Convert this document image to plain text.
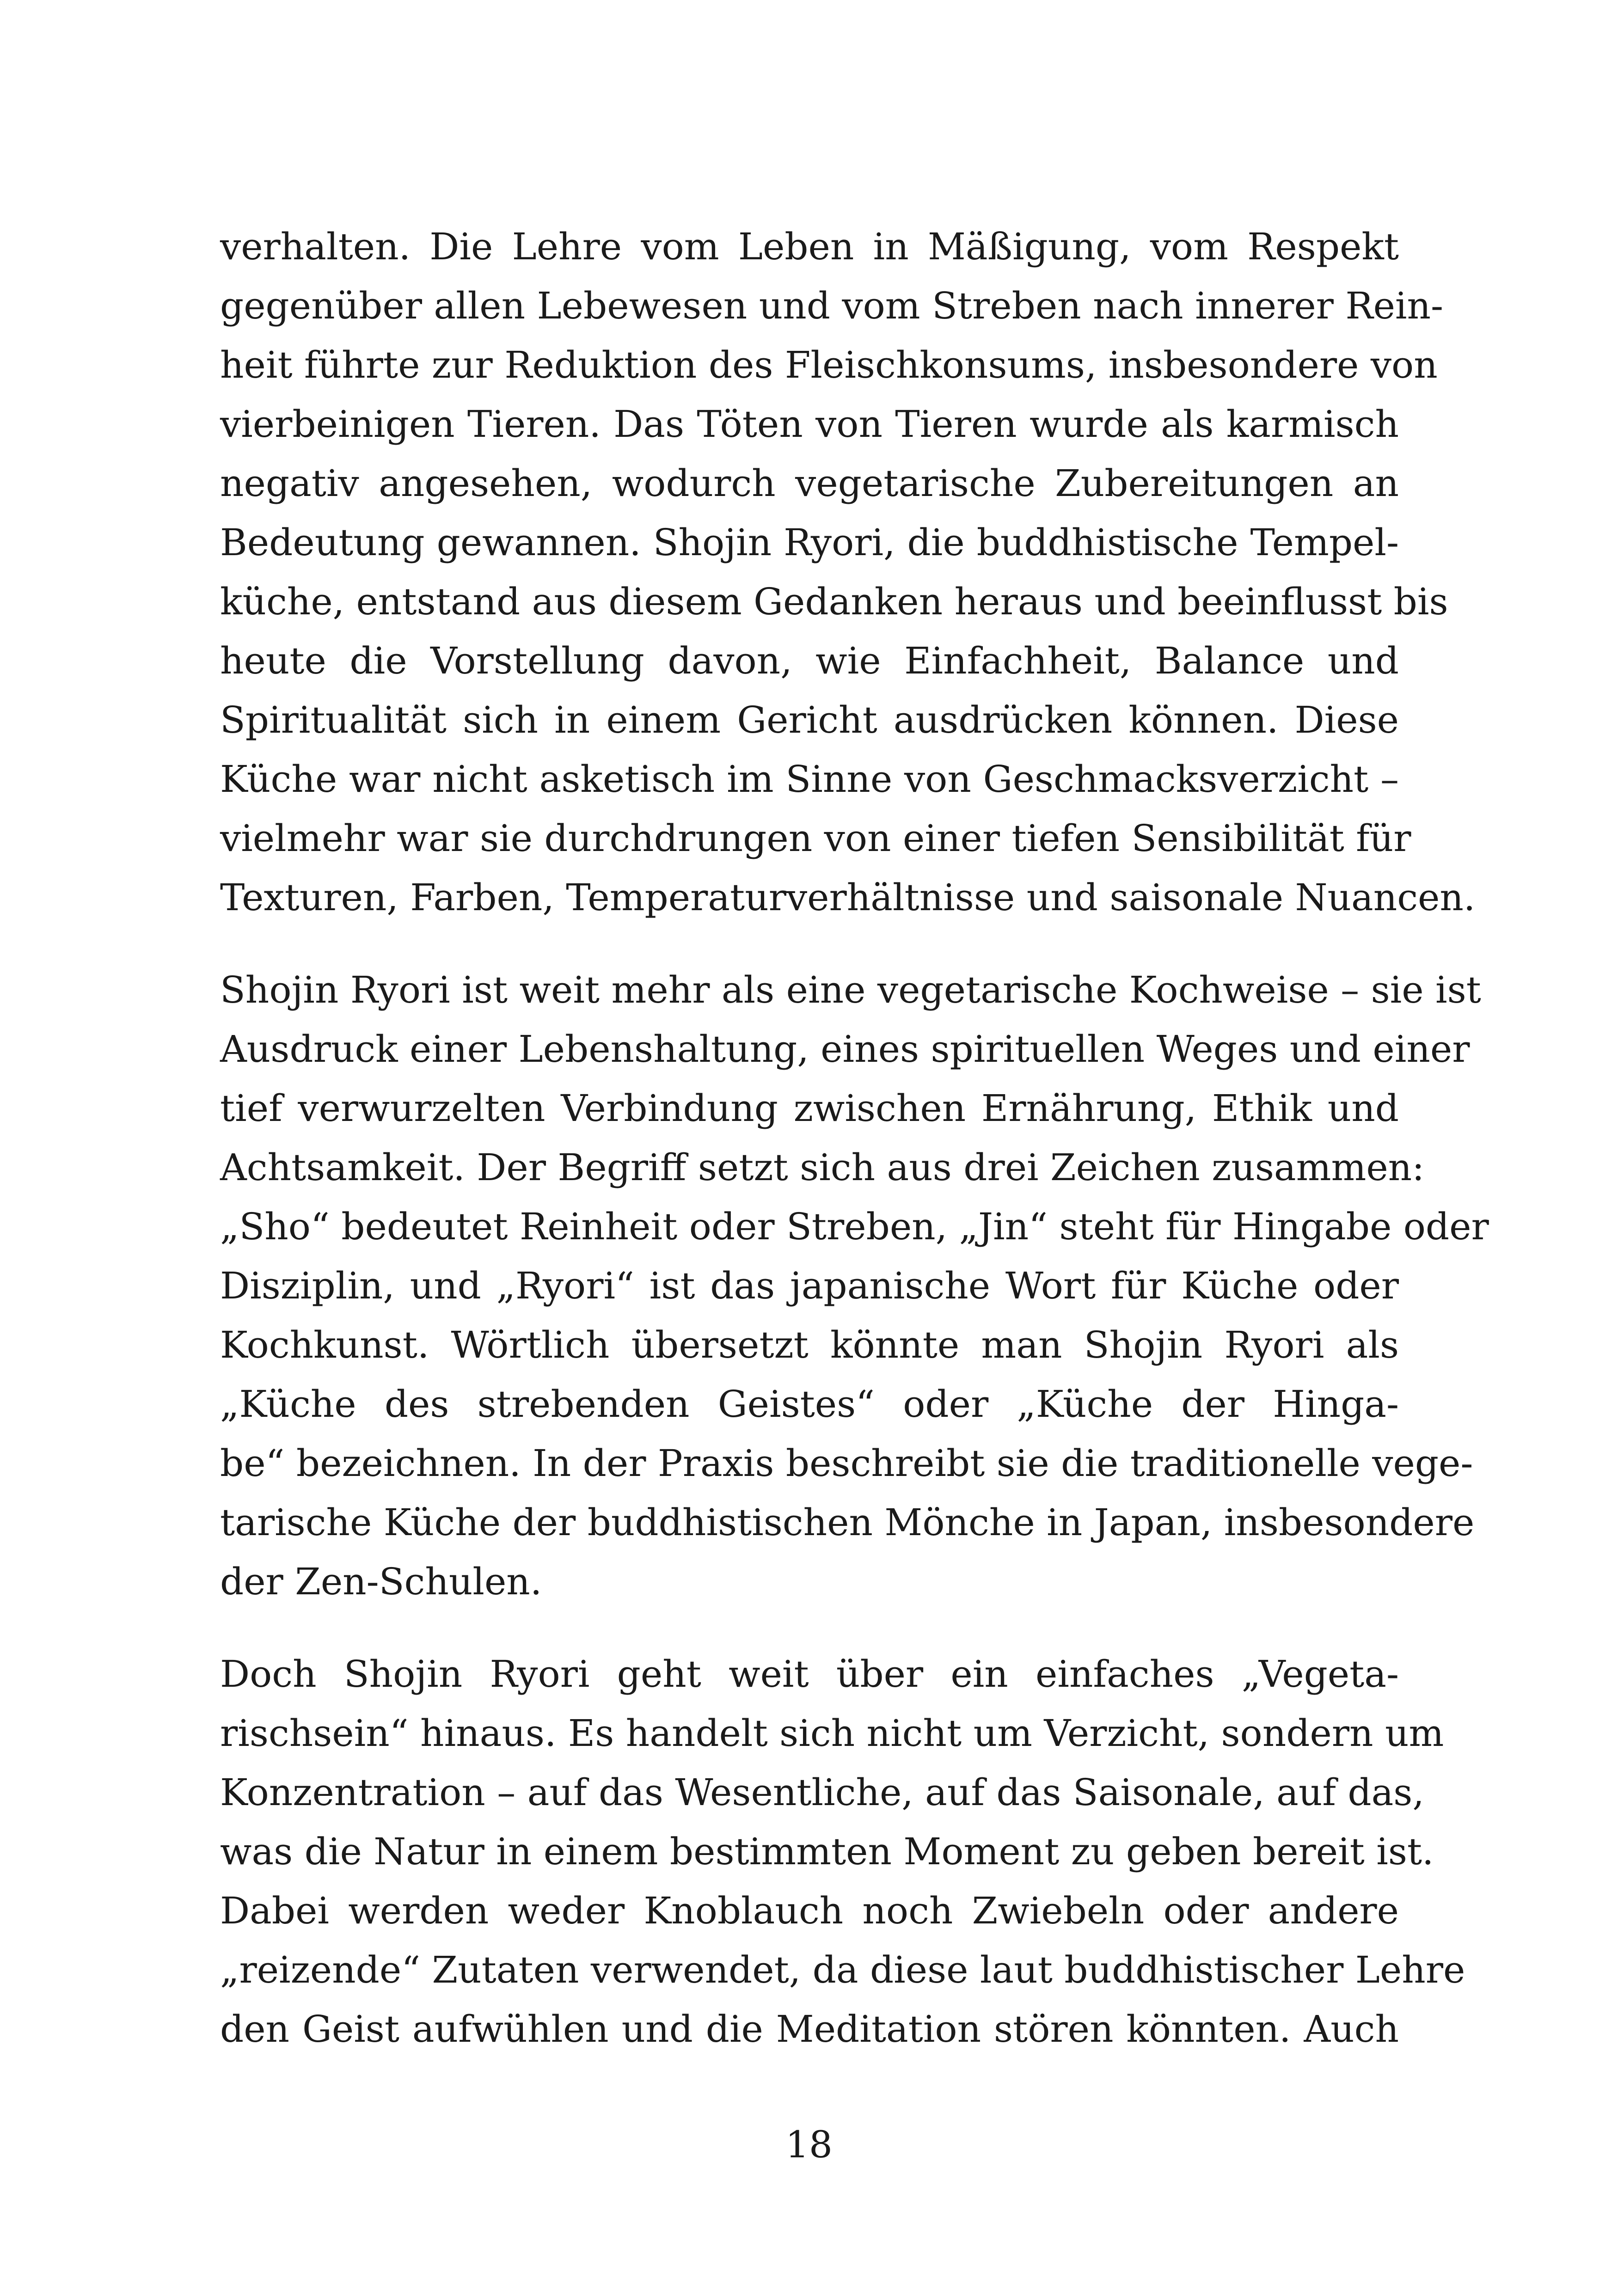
verhalten. Die Lehre vom Leben in Mäßigung, vom Respekt
gegenüber allen Lebewesen und vom Streben nach innerer Rein-
heit führte zur Reduktion des Fleischkonsums, insbesondere von
vierbeinigen Tieren. Das Töten von Tieren wurde als karmisch
negativ angesehen, wodurch vegetarische Zubereitungen an
Bedeutung gewannen. Shojin Ryori, die buddhistische Tempel-
küche, entstand aus diesem Gedanken heraus und beeinflusst bis
heute die Vorstellung davon, wie Einfachheit, Balance und
Spiritualität sich in einem Gericht ausdrücken können. Diese
Küche war nicht asketisch im Sinne von Geschmacksverzicht –
vielmehr war sie durchdrungen von einer tiefen Sensibilität für
Texturen, Farben, Temperaturverhältnisse und saisonale Nuancen.
Shojin Ryori ist weit mehr als eine vegetarische Kochweise – sie ist
Ausdruck einer Lebenshaltung, eines spirituellen Weges und einer
tief verwurzelten Verbindung zwischen Ernährung, Ethik und
Achtsamkeit. Der Begriff setzt sich aus drei Zeichen zusammen:
„Sho“ bedeutet Reinheit oder Streben, „Jin“ steht für Hingabe oder
Disziplin, und „Ryori“ ist das japanische Wort für Küche oder
Kochkunst. Wörtlich übersetzt könnte man Shojin Ryori als
„Küche des strebenden Geistes“ oder „Küche der Hinga-
be“ bezeichnen. In der Praxis beschreibt sie die traditionelle vege-
tarische Küche der buddhistischen Mönche in Japan, insbesondere
der Zen-Schulen.
Doch Shojin Ryori geht weit über ein einfaches „Vegeta-
rischsein“ hinaus. Es handelt sich nicht um Verzicht, sondern um
Konzentration – auf das Wesentliche, auf das Saisonale, auf das,
was die Natur in einem bestimmten Moment zu geben bereit ist.
Dabei werden weder Knoblauch noch Zwiebeln oder andere
„reizende“ Zutaten verwendet, da diese laut buddhistischer Lehre
den Geist aufwühlen und die Meditation stören könnten. Auch
18
